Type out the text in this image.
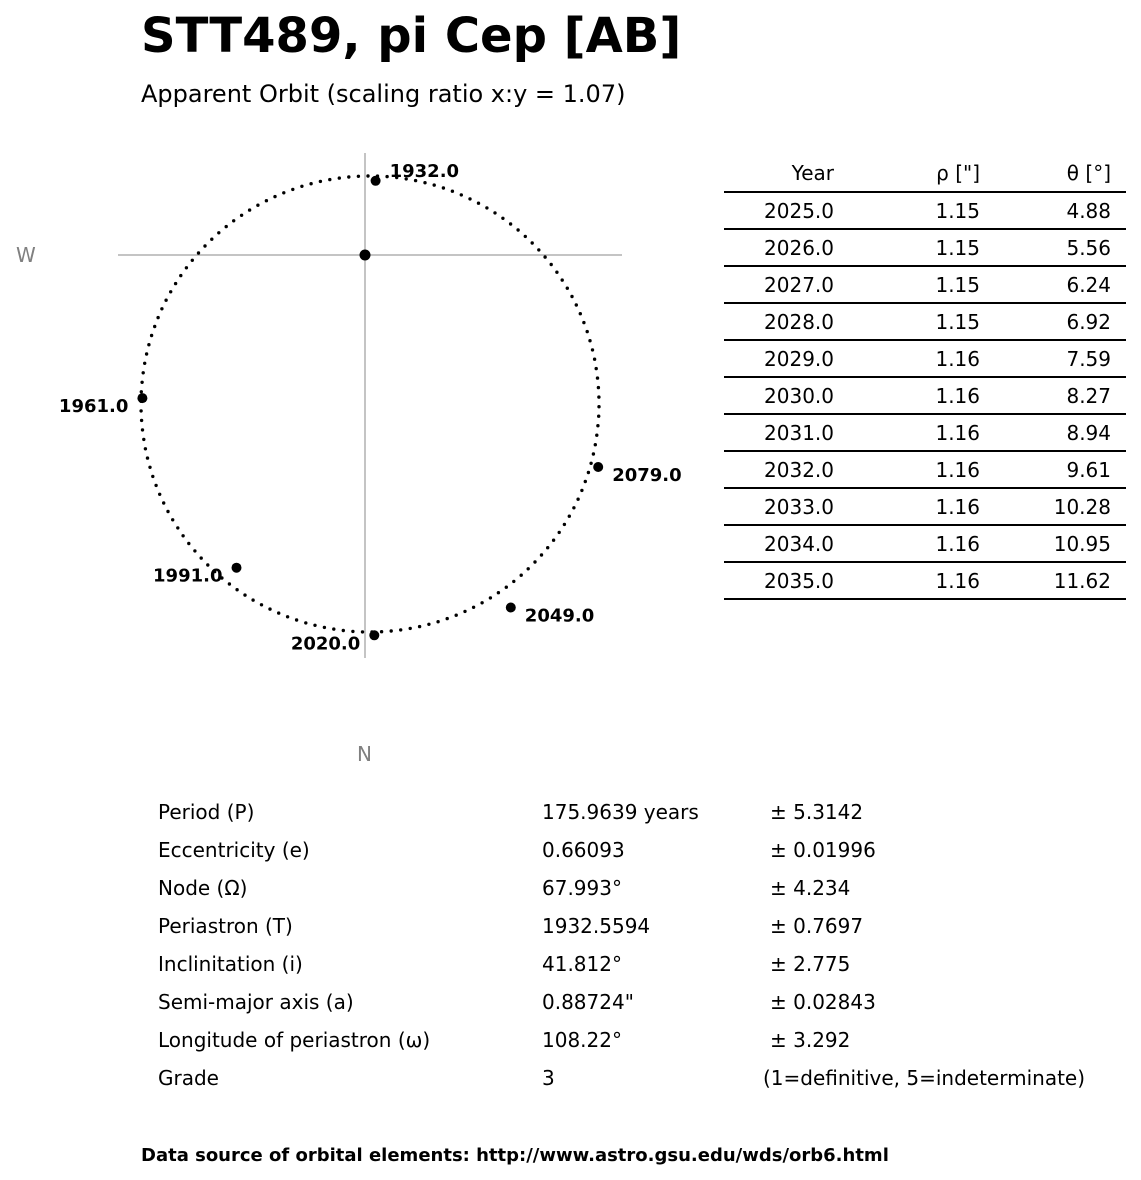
STT489, pi Cep [AB]
Apparent Orbit (scaling ratio x:y = 1.07)
W
N
1932.0
1961.0
1991.0
2020.0
2049.0
2079.0
Year	ρ ["]	θ [°]
2025.0	1.15	4.88
2026.0	1.15	5.56
2027.0	1.15	6.24
2028.0	1.15	6.92
2029.0	1.16	7.59
2030.0	1.16	8.27
2031.0	1.16	8.94
2032.0	1.16	9.61
2033.0	1.16	10.28
2034.0	1.16	10.95
2035.0	1.16	11.62
Period (P)	175.9639 years	± 5.3142
Eccentricity (e)	0.66093	± 0.01996
Node (Ω)	67.993°	± 4.234
Periastron (T)	1932.5594	± 0.7697
Inclinitation (i)	41.812°	± 2.775
Semi-major axis (a)	0.88724"	± 0.02843
Longitude of periastron (ω)	108.22°	± 3.292
Grade	3	(1=definitive, 5=indeterminate)
Data source of orbital elements: http://www.astro.gsu.edu/wds/orb6.html
